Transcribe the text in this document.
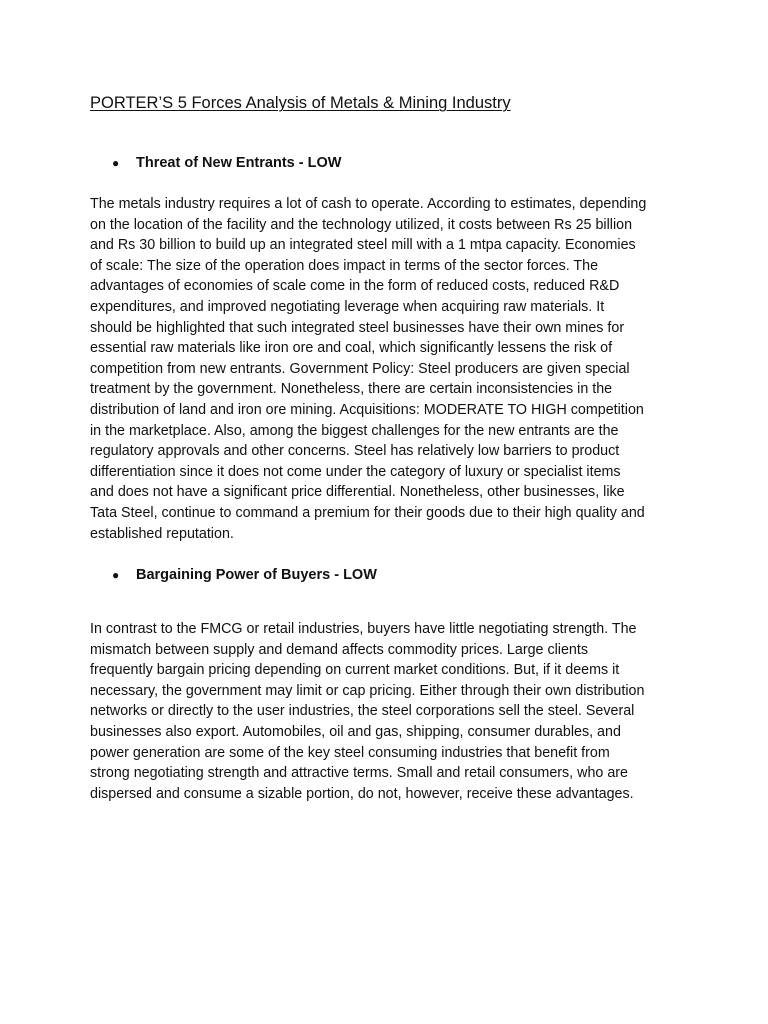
PORTER’S 5 Forces Analysis of Metals & Mining Industry

● Threat of New Entrants - LOW

The metals industry requires a lot of cash to operate. According to estimates, depending
on the location of the facility and the technology utilized, it costs between Rs 25 billion
and Rs 30 billion to build up an integrated steel mill with a 1 mtpa capacity. Economies
of scale: The size of the operation does impact in terms of the sector forces. The
advantages of economies of scale come in the form of reduced costs, reduced R&D
expenditures, and improved negotiating leverage when acquiring raw materials. It
should be highlighted that such integrated steel businesses have their own mines for
essential raw materials like iron ore and coal, which significantly lessens the risk of
competition from new entrants. Government Policy: Steel producers are given special
treatment by the government. Nonetheless, there are certain inconsistencies in the
distribution of land and iron ore mining. Acquisitions: MODERATE TO HIGH competition
in the marketplace. Also, among the biggest challenges for the new entrants are the
regulatory approvals and other concerns. Steel has relatively low barriers to product
differentiation since it does not come under the category of luxury or specialist items
and does not have a significant price differential. Nonetheless, other businesses, like
Tata Steel, continue to command a premium for their goods due to their high quality and
established reputation.

● Bargaining Power of Buyers - LOW

In contrast to the FMCG or retail industries, buyers have little negotiating strength. The
mismatch between supply and demand affects commodity prices. Large clients
frequently bargain pricing depending on current market conditions. But, if it deems it
necessary, the government may limit or cap pricing. Either through their own distribution
networks or directly to the user industries, the steel corporations sell the steel. Several
businesses also export. Automobiles, oil and gas, shipping, consumer durables, and
power generation are some of the key steel consuming industries that benefit from
strong negotiating strength and attractive terms. Small and retail consumers, who are
dispersed and consume a sizable portion, do not, however, receive these advantages.
